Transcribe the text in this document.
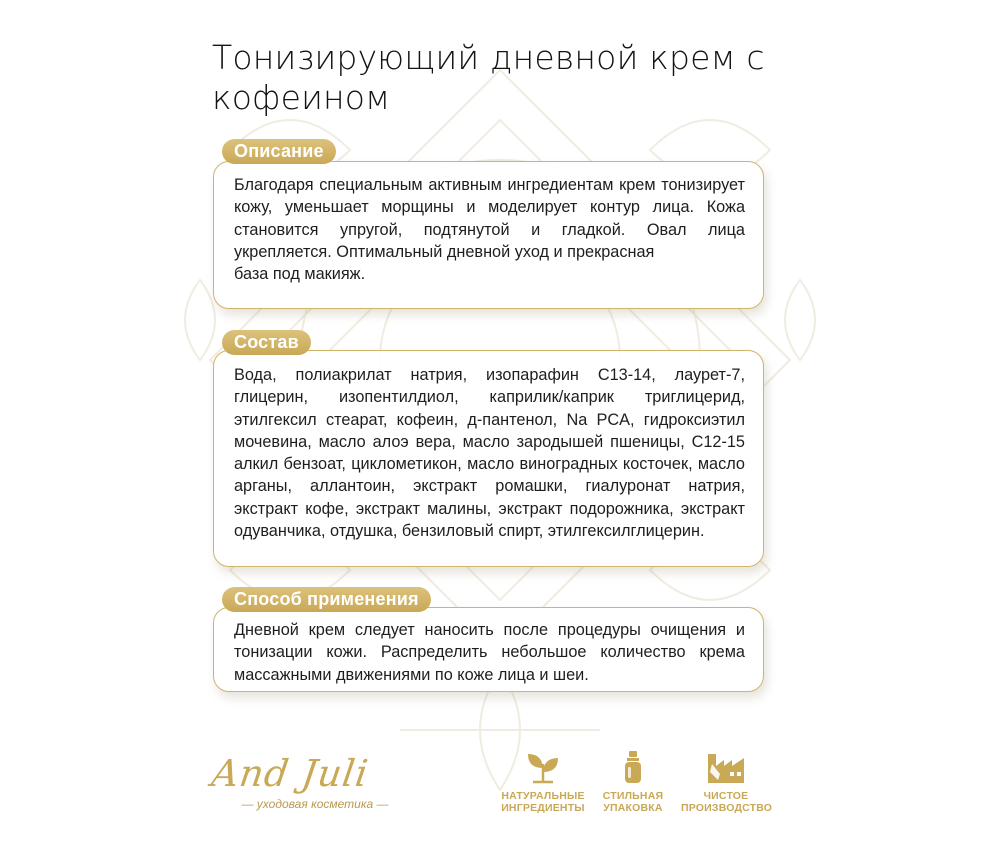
Тонизирующий дневной крем с
кофеином

Благодаря специальным активным ингредиентам крем тонизирует кожу, уменьшает морщины и моделирует контур лица. Кожа становится упругой, подтянутой и гладкой. Овал лица укрепляется. Оптимальный дневной уход и прекрасная

база под макияж.

Описание

Вода, полиакрилат натрия, изопарафин С13-14, лаурет-7, глицерин, изопентилдиол, каприлик/каприк триглицерид, этилгексил стеарат, кофеин, д-пантенол, Na PCA, гидроксиэтил мочевина, масло алоэ вера, масло зародышей пшеницы, С12-15 алкил бензоат, циклометикон, масло виноградных косточек, масло арганы, аллантоин, экстракт ромашки, гиалуронат натрия, экстракт кофе, экстракт малины, экстракт подорожника, экстракт одуванчика, отдушка, бензиловый спирт, этилгексилглицерин.

Состав

Дневной крем следует наносить после процедуры очищения и тонизации кожи. Распределить небольшое количество крема массажными движениями по коже лица и шеи.

Способ применения
And Juli
— уходовая косметика —
НАТУРАЛЬНЫЕ
ИНГРЕДИЕНТЫ
СТИЛЬНАЯ
УПАКОВКА
ЧИСТОЕ
ПРОИЗВОДСТВО
